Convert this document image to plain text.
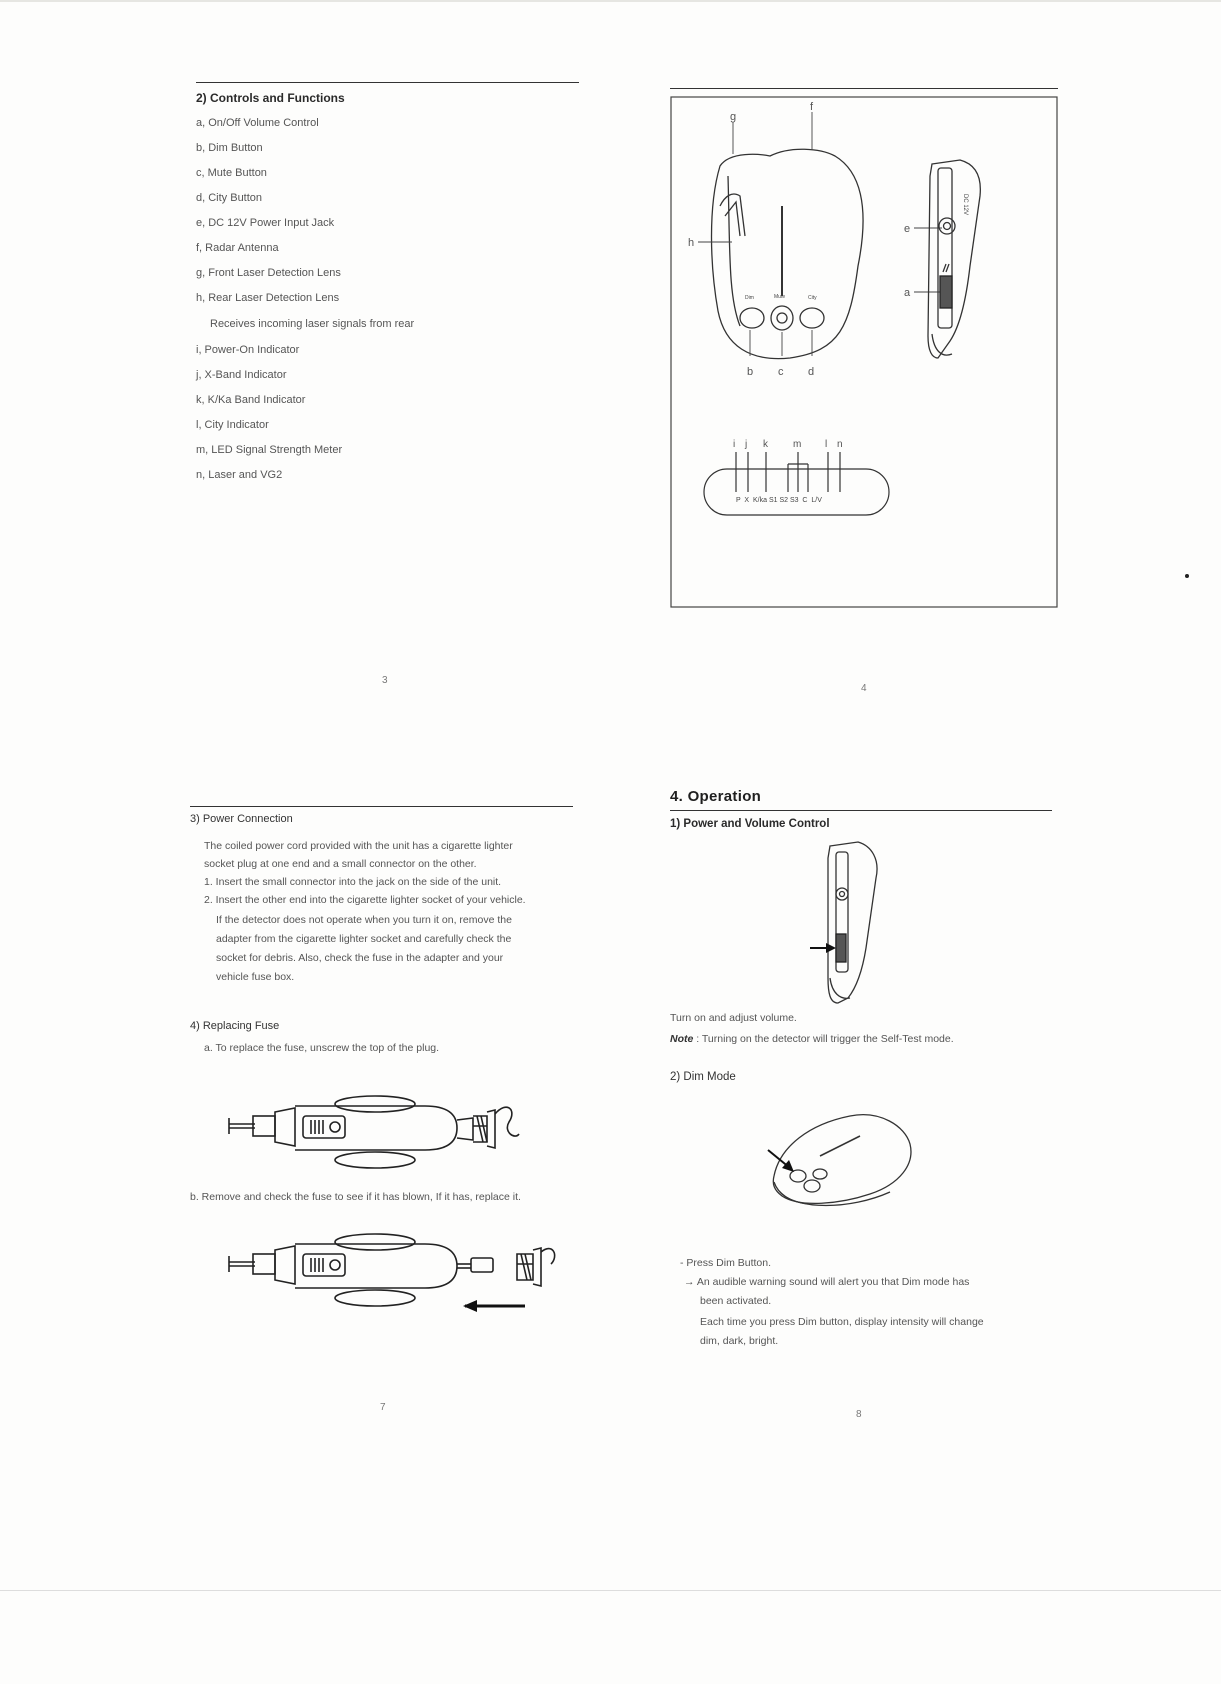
2) Controls and Functions
a, On/Off Volume Control
b, Dim Button
c, Mute Button
d, City Button
e, DC 12V Power Input Jack
f, Radar Antenna
g, Front Laser Detection Lens
h, Rear Laser Detection Lens
Receives incoming laser signals from rear
i, Power-On Indicator
j, X-Band Indicator
k, K/Ka Band Indicator
l, City Indicator
m, LED Signal Strength Meter
n, Laser and VG2
3
Dim	Mute	City
g
f
h
b c d
e
a
DC 12V
i j k	m l n
P  X  K/ka S1 S2 S3  C  L/V
4
3) Power Connection
The coiled power cord provided with the unit has a cigarette lighter
socket plug at one end and a small connector on the other.
1. Insert the small connector into the jack on the side of the unit.
2. Insert the other end into the cigarette lighter socket of your vehicle.
If the detector does not operate when you turn it on, remove the
adapter from the cigarette lighter socket and carefully check the
socket for debris. Also, check the fuse in the adapter and your
vehicle fuse box.
4) Replacing Fuse
a. To replace the fuse, unscrew the top of the plug.
b. Remove and check the fuse to see if it has blown, If it has, replace it.
7
4. Operation
1) Power and Volume Control
Turn on and adjust volume.
Note : Turning on the detector will trigger the Self-Test mode.
2) Dim Mode
- Press Dim Button.
→ An audible warning sound will alert you that Dim mode has
been activated.
Each time you press Dim button, display intensity will change
dim, dark, bright.
8
